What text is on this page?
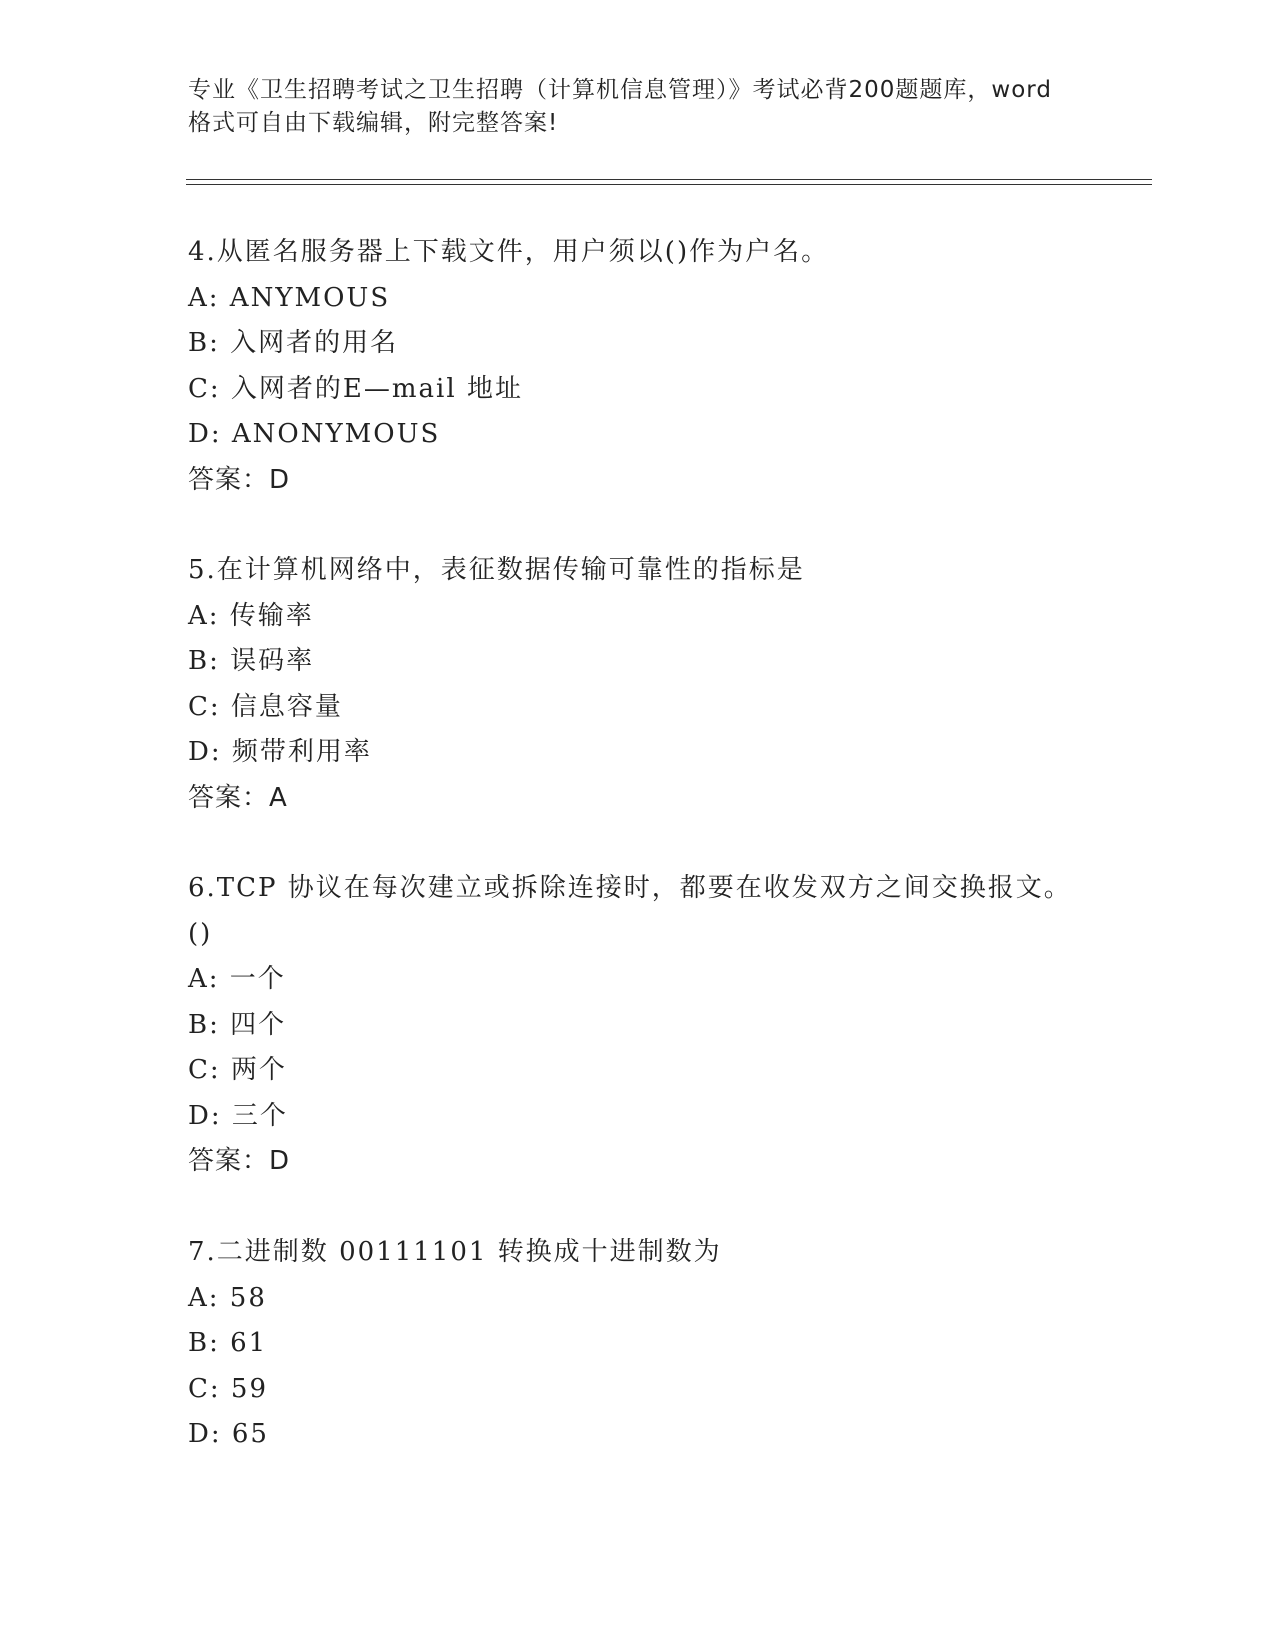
专业《卫生招聘考试之卫生招聘（计算机信息管理）》考试必背200题题库，word
格式可自由下载编辑，附完整答案!
4.从匿名服务器上下载文件，用户须以()作为户名。
A: ANYMOUS
B: 入网者的用名
C: 入网者的E—mail 地址
D: ANONYMOUS
答案：D
5.在计算机网络中，表征数据传输可靠性的指标是
A: 传输率
B: 误码率
C: 信息容量
D: 频带利用率
答案：A
6.TCP 协议在每次建立或拆除连接时，都要在收发双方之间交换报文。
()
A: 一个
B: 四个
C: 两个
D: 三个
答案：D
7.二进制数 00111101 转换成十进制数为
A: 58
B: 61
C: 59
D: 65
